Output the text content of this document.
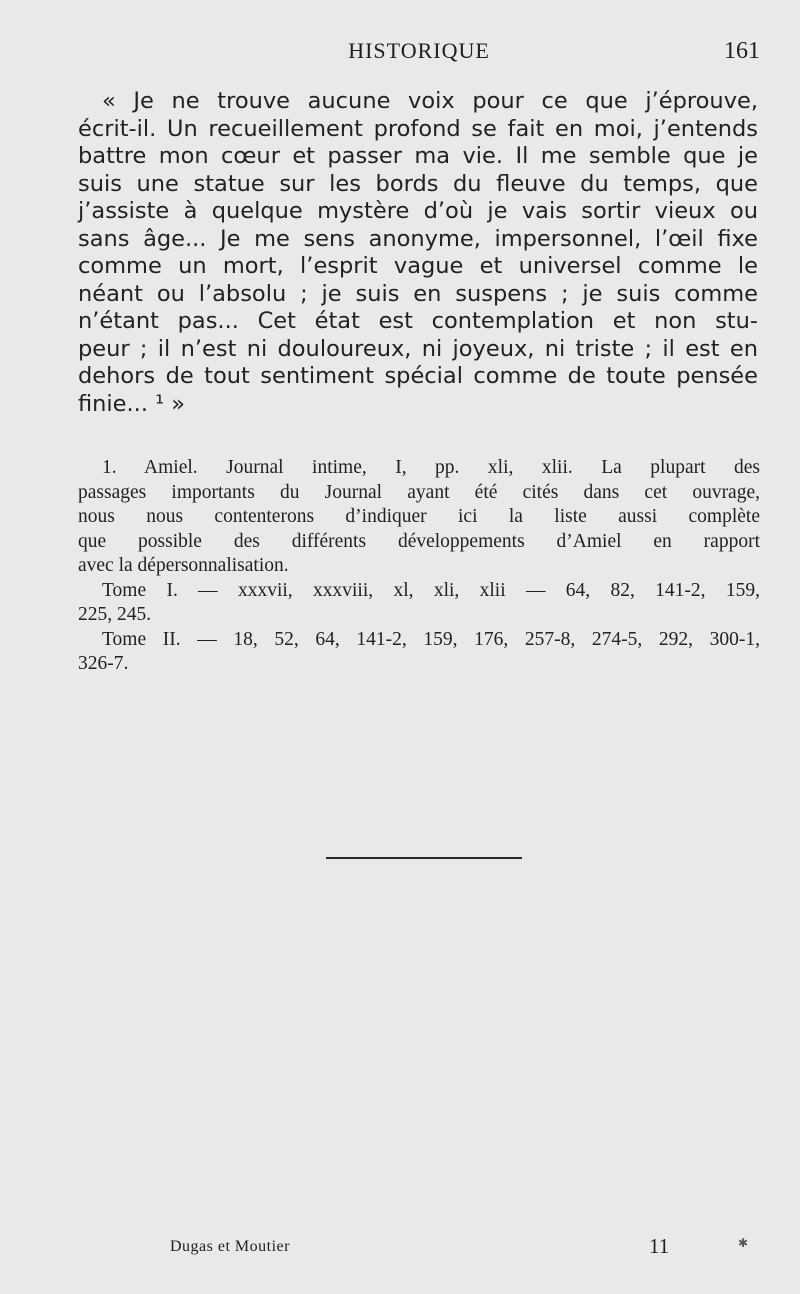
HISTORIQUE	161
« Je ne trouve aucune voix pour ce que j’éprouve,
écrit-il. Un recueillement profond se fait en moi, j’entends
battre mon cœur et passer ma vie. Il me semble que je
suis une statue sur les bords du fleuve du temps, que
j’assiste à quelque mystère d’où je vais sortir vieux ou
sans âge... Je me sens anonyme, impersonnel, l’œil fixe
comme un mort, l’esprit vague et universel comme le
néant ou l’absolu ; je suis en suspens ; je suis comme
n’étant pas... Cet état est contemplation et non stu-
peur ; il n’est ni douloureux, ni joyeux, ni triste ; il est en
dehors de tout sentiment spécial comme de toute pensée
finie... ¹ »
1. Amiel. Journal intime, I, pp. xli, xlii. La plupart des
passages importants du Journal ayant été cités dans cet ouvrage,
nous nous contenterons d’indiquer ici la liste aussi complète
que possible des différents développements d’Amiel en rapport
avec la dépersonnalisation.
Tome I. — xxxvii, xxxviii, xl, xli, xlii — 64, 82, 141-2, 159,
225, 245.
Tome II. — 18, 52, 64, 141-2, 159, 176, 257-8, 274-5, 292, 300-1,
326-7.
Dugas et Moutier	11	✱
